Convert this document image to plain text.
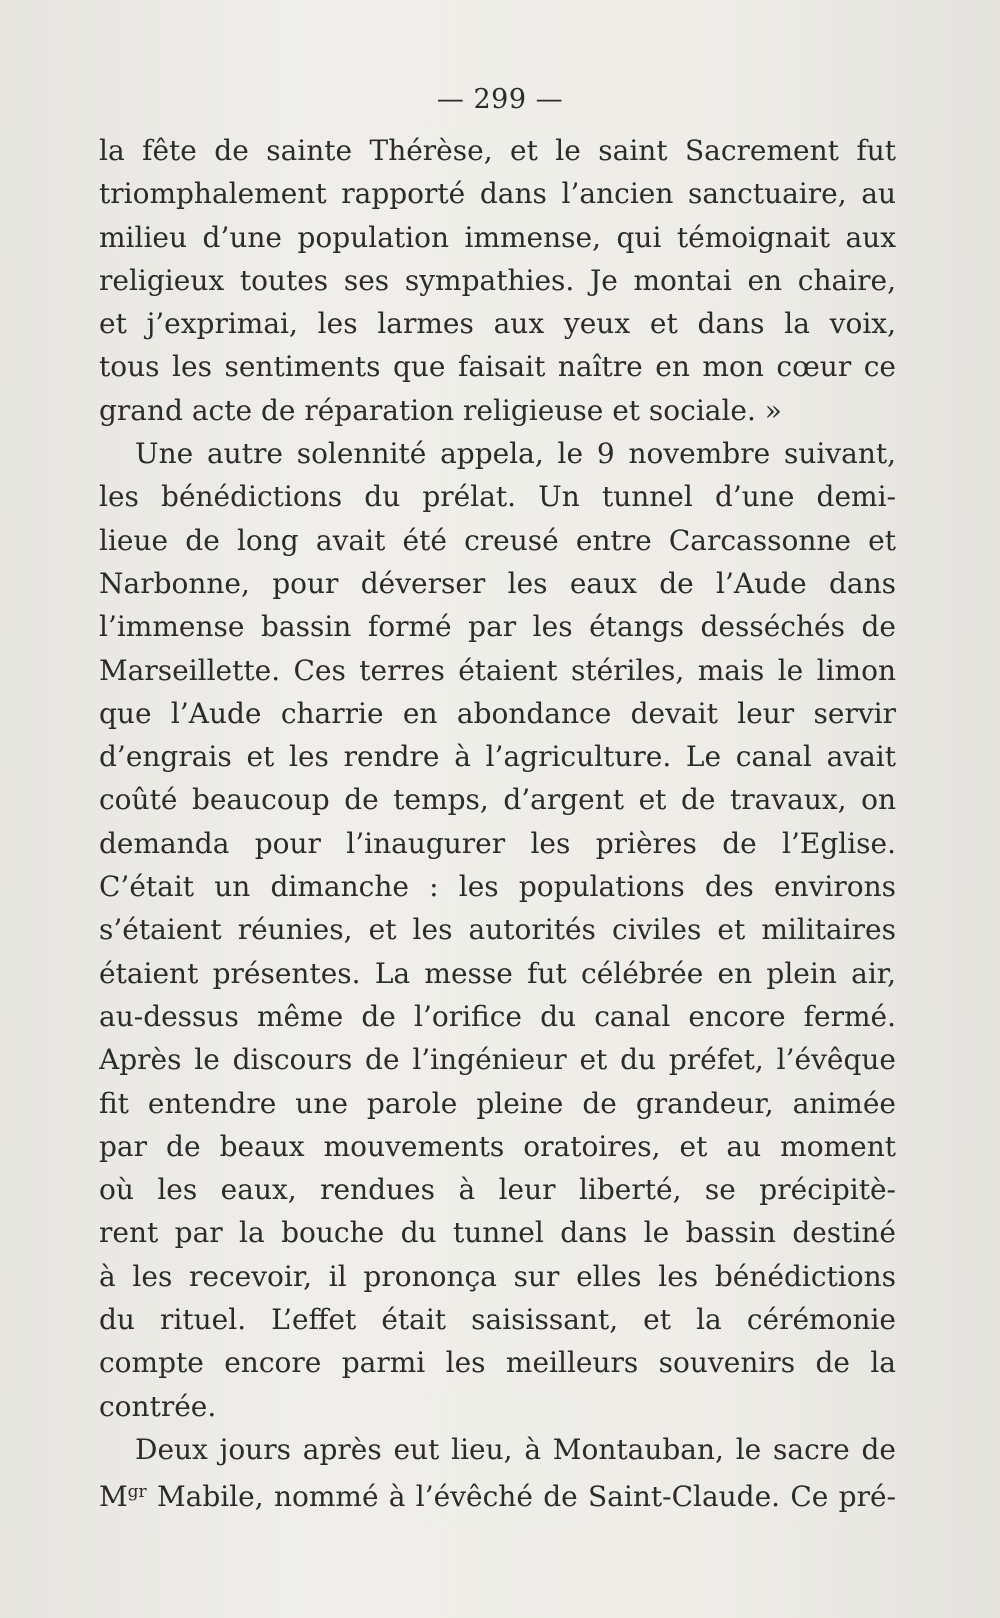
— 299 —
la fête de sainte Thérèse, et le saint Sacrement fut
triomphalement rapporté dans l’ancien sanctuaire, au
milieu d’une population immense, qui témoignait aux
religieux toutes ses sympathies. Je montai en chaire,
et j’exprimai, les larmes aux yeux et dans la voix,
tous les sentiments que faisait naître en mon cœur ce
grand acte de réparation religieuse et sociale. »
Une autre solennité appela, le 9 novembre suivant,
les bénédictions du prélat. Un tunnel d’une demi-
lieue de long avait été creusé entre Carcassonne et
Narbonne, pour déverser les eaux de l’Aude dans
l’immense bassin formé par les étangs desséchés de
Marseillette. Ces terres étaient stériles, mais le limon
que l’Aude charrie en abondance devait leur servir
d’engrais et les rendre à l’agriculture. Le canal avait
coûté beaucoup de temps, d’argent et de travaux, on
demanda pour l’inaugurer les prières de l’Eglise.
C’était un dimanche : les populations des environs
s’étaient réunies, et les autorités civiles et militaires
étaient présentes. La messe fut célébrée en plein air,
au-dessus même de l’orifice du canal encore fermé.
Après le discours de l’ingénieur et du préfet, l’évêque
fit entendre une parole pleine de grandeur, animée
par de beaux mouvements oratoires, et au moment
où les eaux, rendues à leur liberté, se précipitè-
rent par la bouche du tunnel dans le bassin destiné
à les recevoir, il prononça sur elles les bénédictions
du rituel. L’effet était saisissant, et la cérémonie
compte encore parmi les meilleurs souvenirs de la
contrée.
Deux jours après eut lieu, à Montauban, le sacre de
$M^{gr}$ Mabile, nommé à l’évêché de Saint-Claude. Ce pré-
